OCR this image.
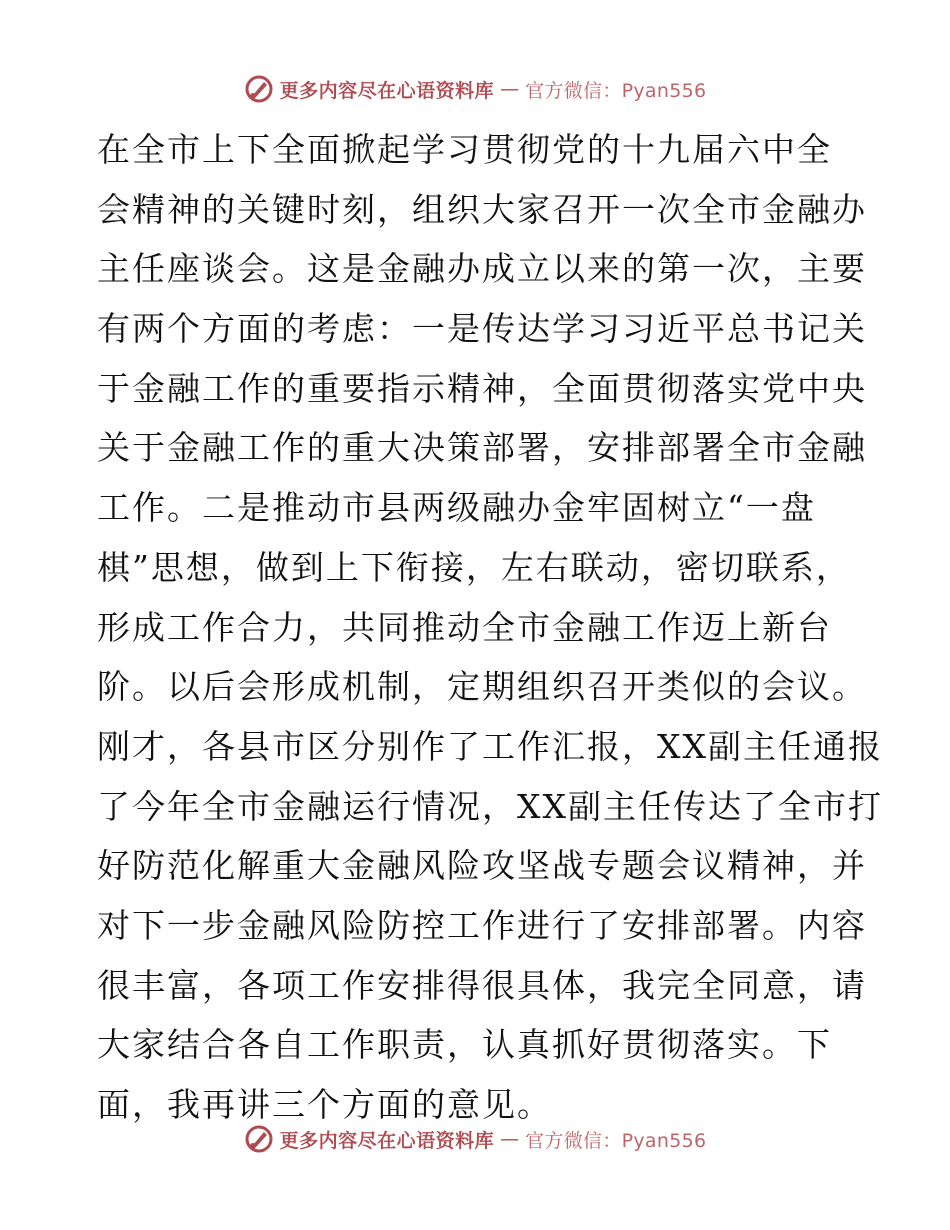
更多内容尽在心语资料库 — 官方微信：Pyan556
在全市上下全面掀起学习贯彻党的十九届六中全
会精神的关键时刻，组织大家召开一次全市金融办
主任座谈会。这是金融办成立以来的第一次，主要
有两个方面的考虑：一是传达学习习近平总书记关
于金融工作的重要指示精神，全面贯彻落实党中央
关于金融工作的重大决策部署，安排部署全市金融
工作。二是推动市县两级融办金牢固树立“一盘
棋”思想，做到上下衔接，左右联动，密切联系，
形成工作合力，共同推动全市金融工作迈上新台
阶。以后会形成机制，定期组织召开类似的会议。
刚才，各县市区分别作了工作汇报，XX副主任通报
了今年全市金融运行情况，XX副主任传达了全市打
好防范化解重大金融风险攻坚战专题会议精神，并
对下一步金融风险防控工作进行了安排部署。内容
很丰富，各项工作安排得很具体，我完全同意，请
大家结合各自工作职责，认真抓好贯彻落实。下
面，我再讲三个方面的意见。
更多内容尽在心语资料库 — 官方微信：Pyan556
